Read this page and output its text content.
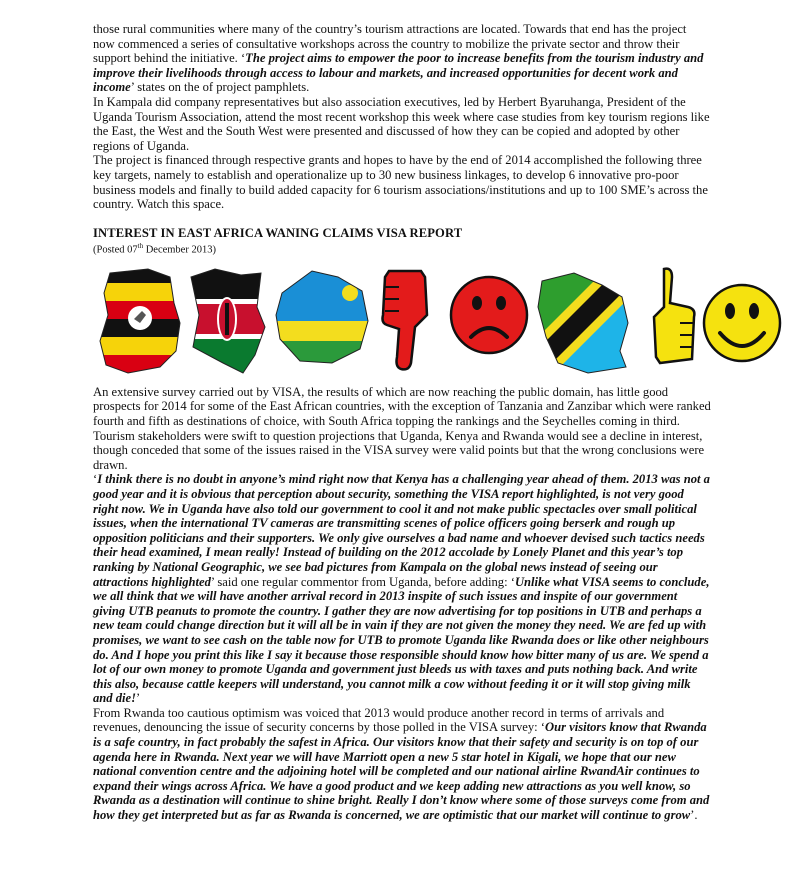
those rural communities where many of the country’s tourism attractions are located. Towards that end has the project now commenced a series of consultative workshops across the country to mobilize the private sector and throw their support behind the initiative. ‘The project aims to empower the poor to increase benefits from the tourism industry and improve their livelihoods through access to labour and markets, and increased opportunities for decent work and income’ states on the of project pamphlets.

In Kampala did company representatives but also association executives, led by Herbert Byaruhanga, President of the Uganda Tourism Association, attend the most recent workshop this week where case studies from key tourism regions like the East, the West and the South West were presented and discussed of how they can be copied and adopted by other regions of Uganda.

The project is financed through respective grants and hopes to have by the end of 2014 accomplished the following three key targets, namely to establish and operationalize up to 30 new business linkages, to develop 6 innovative pro-poor business models and finally to build added capacity for 6 tourism associations/institutions and up to 100 SME’s across the country. Watch this space.

INTEREST IN EAST AFRICA WANING CLAIMS VISA REPORT

(Posted 07th December 2013)

An extensive survey carried out by VISA, the results of which are now reaching the public domain, has little good prospects for 2014 for some of the East African countries, with the exception of Tanzania and Zanzibar which were ranked fourth and fifth as destinations of choice, with South Africa topping the rankings and the Seychelles coming in third. Tourism stakeholders were swift to question projections that Uganda, Kenya and Rwanda would see a decline in interest, though conceded that some of the issues raised in the VISA survey were valid points but that the wrong conclusions were drawn.

‘I think there is no doubt in anyone’s mind right now that Kenya has a challenging year ahead of them. 2013 was not a good year and it is obvious that perception about security, something the VISA report highlighted, is not very good right now. We in Uganda have also told our government to cool it and not make public spectacles over small political issues, when the international TV cameras are transmitting scenes of police officers going berserk and rough up opposition politicians and their supporters. We only give ourselves a bad name and whoever devised such tactics needs their head examined, I mean really! Instead of building on the 2012 accolade by Lonely Planet and this year’s top ranking by National Geographic, we see bad pictures from Kampala on the global news instead of seeing our attractions highlighted’ said one regular commentor from Uganda, before adding: ‘Unlike what VISA seems to conclude, we all think that we will have another arrival record in 2013 inspite of such issues and inspite of our government giving UTB peanuts to promote the country. I gather they are now advertising for top positions in UTB and perhaps a new team could change direction but it will all be in vain if they are not given the money they need. We are fed up with promises, we want to see cash on the table now for UTB to promote Uganda like Rwanda does or like other neighbours do. And I hope you print this like I say it because those responsible should know how bitter many of us are. We spend a lot of our own money to promote Uganda and government just bleeds us with taxes and puts nothing back. And write this also, because cattle keepers will understand, you cannot milk a cow without feeding it or it will stop giving milk and die!’

From Rwanda too cautious optimism was voiced that 2013 would produce another record in terms of arrivals and revenues, denouncing the issue of security concerns by those polled in the VISA survey: ‘Our visitors know that Rwanda is a safe country, in fact probably the safest in Africa. Our visitors know that their safety and security is on top of our agenda here in Rwanda. Next year we will have Marriott open a new 5 star hotel in Kigali, we hope that our new national convention centre and the adjoining hotel will be completed and our national airline RwandAir continues to expand their wings across Africa. We have a good product and we keep adding new attractions as you well know, so Rwanda as a destination will continue to shine bright. Really I don’t know where some of those surveys come from and how they get interpreted but as far as Rwanda is concerned, we are optimistic that our market will continue to grow’.
